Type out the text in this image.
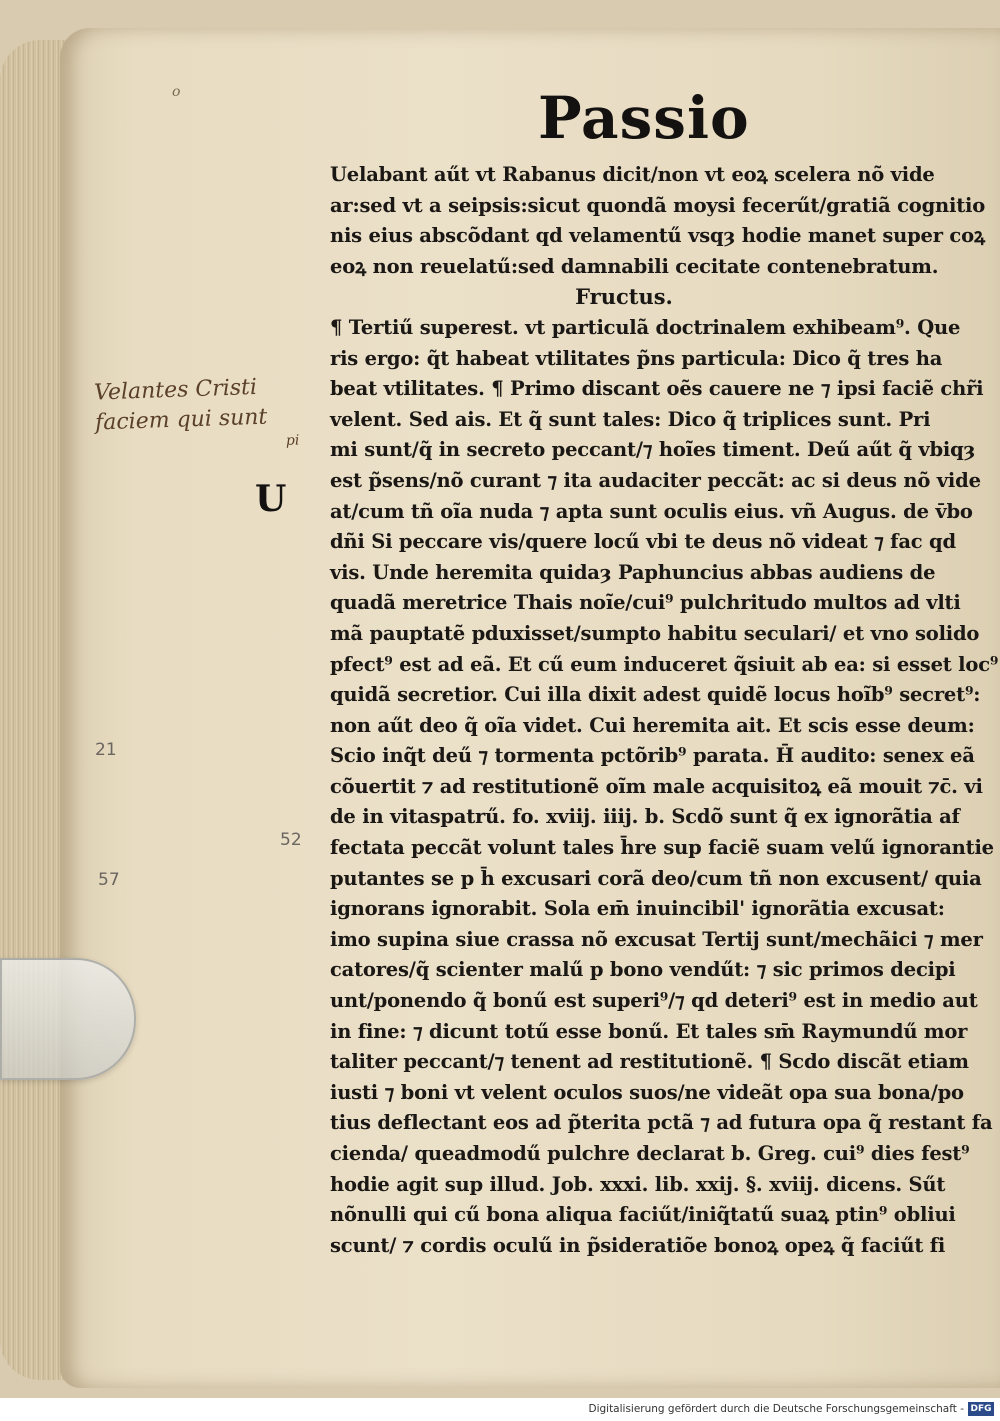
o	Passio
Velantes Cristi
faciem qui sunt
pi
U
21
52
57
Uelabant aűt vt Rabanus dicit/non vt eoꝝ scelera nõ vide
ar:sed vt a seipsis:sicut quondã moysi fecerűt/gratiã cognitio
nis eius abscõdant qd velamentű vsqȝ hodie manet super coꝝ
eoꝝ non reuelatű:sed damnabili cecitate contenebratum.
Fructus.
¶ Tertiű superest. vt particulã doctrinalem exhibeam⁹. Que
ris ergo: q̃t habeat vtilitates p̃ns particula: Dico q̃ tres ha
beat vtilitates. ¶ Primo discant oẽs cauere ne ⁊ ipsi faciẽ chr̃i
velent. Sed ais. Et q̃ sunt tales: Dico q̃ triplices sunt. Pri
mi sunt/q̃ in secreto peccant/⁊ hoĩes timent. Deű aűt q̃ vbiqȝ
est p̃sens/nõ curant ⁊ ita audaciter peccãt: ac si deus nõ vide
at/cum tñ oĩa nuda ⁊ apta sunt oculis eius. vñ Augus. de v̄bo
dñi Si peccare vis/quere locű vbi te deus nõ videat ⁊ fac qd
vis. Unde heremita quidaȝ Paphuncius abbas audiens de
quadã meretrice Thais noĩe/cui⁹ pulchritudo multos ad vlti
mã pauptatẽ pduxisset/sumpto habitu seculari/ et vno solido
pfect⁹ est ad eã. Et cű eum induceret q̃siuit ab ea: si esset loc⁹
quidã secretior. Cui illa dixit adest quidẽ locus hoĩb⁹ secret⁹:
non aűt deo q̃ oĩa videt. Cui heremita ait. Et scis esse deum:
Scio inq̃t deű ⁊ tormenta pctõrib⁹ parata. H̄ audito: senex eã
cõuertit ⁊ ad restitutionẽ oĩm male acquisitoꝝ eã mouit ⁊c̄. vi
de in vitaspatrű. fo. xviij. iiij. b. Scdõ sunt q̃ ex ignorãtia af
fectata peccãt volunt tales h̄re sup faciẽ suam velű ignorantie
putantes se p h̄ excusari corã deo/cum tñ non excusent/ quia
ignorans ignorabit. Sola em̄ inuincibil' ignorãtia excusat:
imo supina siue crassa nõ excusat Tertij sunt/mechãici ⁊ mer
catores/q̃ scienter malű p bono vendűt: ⁊ sic primos decipi
unt/ponendo q̃ bonű est superi⁹/⁊ qd deteri⁹ est in medio aut
in fine: ⁊ dicunt totű esse bonű. Et tales sm̄ Raymundű mor
taliter peccant/⁊ tenent ad restitutionẽ. ¶ Scdo discãt etiam
iusti ⁊ boni vt velent oculos suos/ne videãt opa sua bona/po
tius deflectant eos ad p̃terita pctã ⁊ ad futura opa q̃ restant fa
cienda/ queadmodű pulchre declarat b. Greg. cui⁹ dies fest⁹
hodie agit sup illud. Job. xxxi. lib. xxij. §. xviij. dicens. Sűt
nõnulli qui cű bona aliqua faciűt/iniq̃tatű suaꝝ ptin⁹ obliui
scunt/ ⁊ cordis oculű in p̃sideratiõe bonoꝝ opeꝝ q̃ faciűt fi
Digitalisierung gefördert durch die Deutsche Forschungsgemeinschaft - DFG
